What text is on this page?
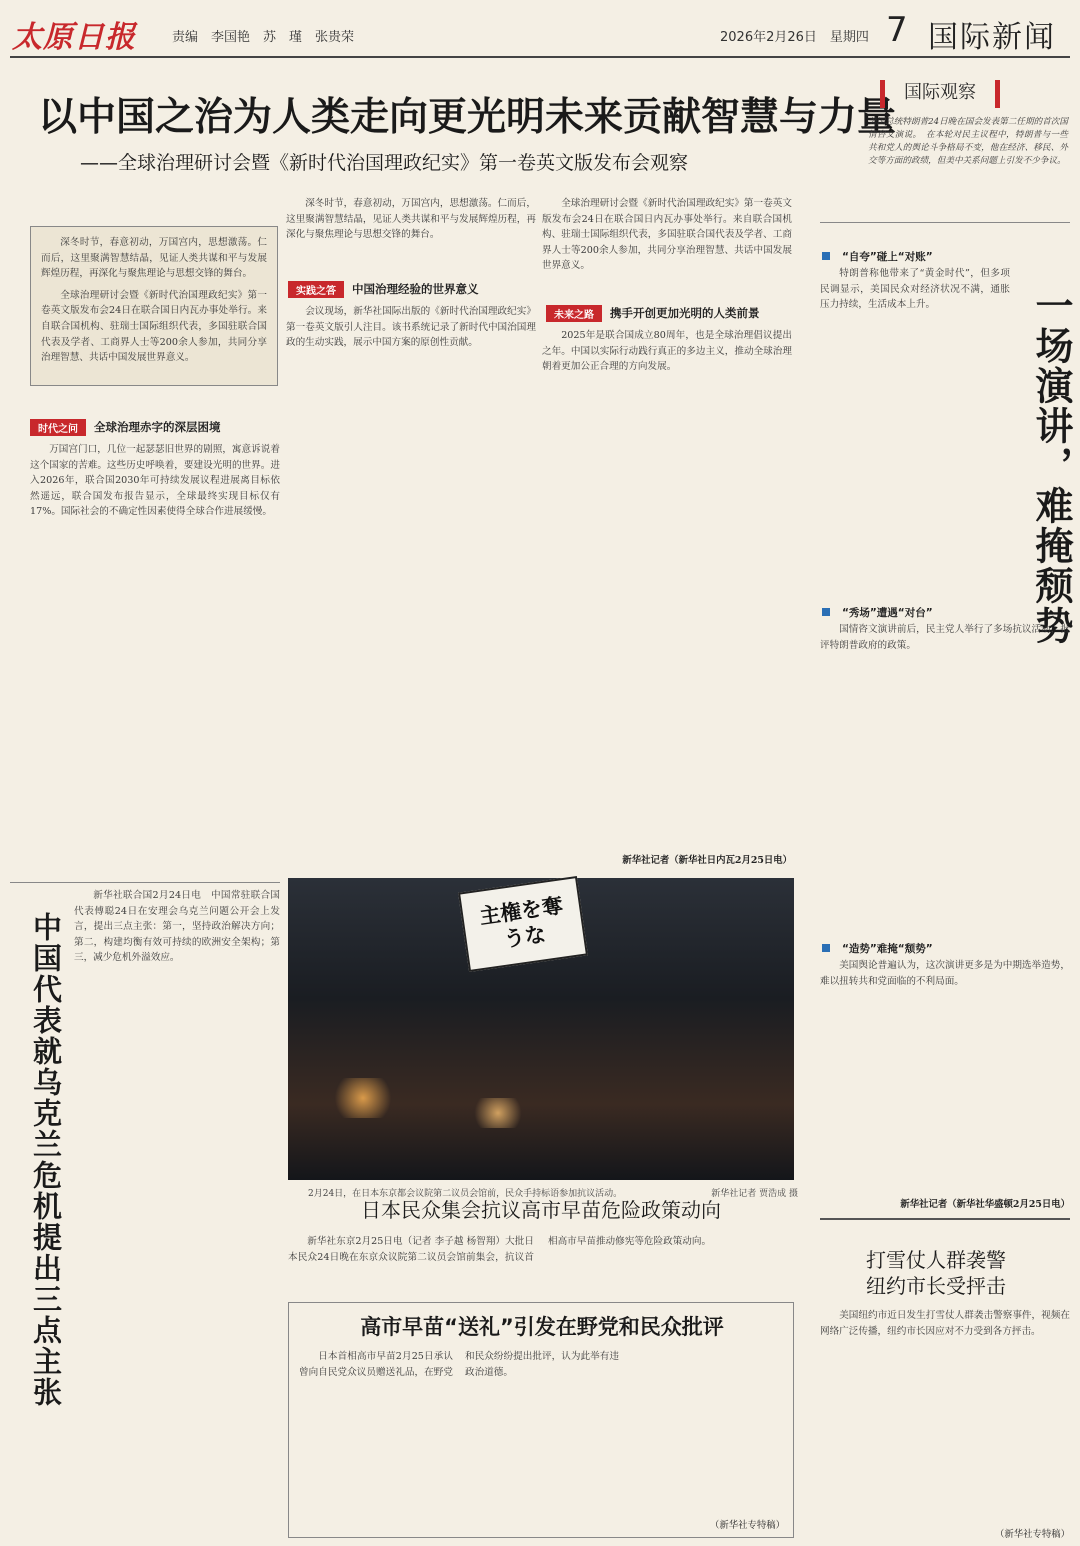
太原日报	责编　李国艳　苏　瑾　张贵荣	2026年2月26日　星期四 7 国际新闻
以中国之治为人类走向更光明未来贡献智慧与力量
——全球治理研讨会暨《新时代治国理政纪实》第一卷英文版发布会观察
国际观察
美国总统特朗普24日晚在国会发表第二任期的首次国情咨文演说。　在本轮对民主议程中，特朗普与一些共和党人的舆论斗争格局不变，他在经济、移民、外交等方面的政绩，但美中关系问题上引发不少争议。

深冬时节，春意初动，万国宫内，思想激荡。仁而后，这里聚满智慧结晶，见证人类共谋和平与发展辉煌历程，再深化与聚焦理论与思想交锋的舞台。

全球治理研讨会暨《新时代治国理政纪实》第一卷英文版发布会24日在联合国日内瓦办事处举行。来自联合国机构、驻瑞士国际组织代表，多国驻联合国代表及学者、工商界人士等200余人参加，共同分享治理智慧、共话中国发展世界意义。

时代之问	全球治理赤字的深层困境

万国宫门口，几位一起瑟瑟旧世界的剧照，寓意诉说着这个国家的苦难。这些历史呼唤着，要建设光明的世界。进入2026年，联合国2030年可持续发展议程进展离目标依然遥远，联合国发布报告显示，全球最终实现目标仅有17%。国际社会的不确定性因素使得全球合作进展缓慢。

深冬时节，春意初动，万国宫内，思想激荡。仁而后，这里聚满智慧结晶，见证人类共谋和平与发展辉煌历程，再深化与聚焦理论与思想交锋的舞台。

实践之答	中国治理经验的世界意义

会议现场，新华社国际出版的《新时代治国理政纪实》第一卷英文版引人注目。该书系统记录了新时代中国治国理政的生动实践，展示中国方案的原创性贡献。

全球治理研讨会暨《新时代治国理政纪实》第一卷英文版发布会24日在联合国日内瓦办事处举行。来自联合国机构、驻瑞士国际组织代表，多国驻联合国代表及学者、工商界人士等200余人参加，共同分享治理智慧、共话中国发展世界意义。

未来之路	携手开创更加光明的人类前景

2025年是联合国成立80周年，也是全球治理倡议提出之年。中国以实际行动践行真正的多边主义，推动全球治理朝着更加公正合理的方向发展。

新华社记者（新华社日内瓦2月25日电）
“自夸”碰上“对账”

特朗普称他带来了“黄金时代”，但多项民调显示，美国民众对经济状况不满，通胀压力持续，生活成本上升。	一场演讲，难掩颓势
“秀场”遭遇“对台”

国情咨文演讲前后，民主党人举行了多场抗议活动，批评特朗普政府的政策。

“造势”难掩“颓势”

美国舆论普遍认为，这次演讲更多是为中期选举造势，难以扭转共和党面临的不利局面。

新华社记者（新华社华盛顿2月25日电）
打雪仗人群袭警
纽约市长受抨击

美国纽约市近日发生打雪仗人群袭击警察事件，视频在网络广泛传播，纽约市长因应对不力受到各方抨击。

（新华社专特稿）
中国代表就乌克兰危机提出三点主张

新华社联合国2月24日电　中国常驻联合国代表傅聪24日在安理会乌克兰问题公开会上发言，提出三点主张：第一，坚持政治解决方向；第二，构建均衡有效可持续的欧洲安全架构；第三，减少危机外溢效应。

主権を奪うな
2月24日，在日本东京都会议院第二议员会馆前，民众手持标语参加抗议活动。	新华社记者 贾浩成 摄
日本民众集会抗议高市早苗危险政策动向

新华社东京2月25日电（记者 李子越 杨智翔）大批日本民众24日晚在东京众议院第二议员会馆前集会，抗议首相高市早苗推动修宪等危险政策动向。

高市早苗“送礼”引发在野党和民众批评

日本首相高市早苗2月25日承认曾向自民党众议员赠送礼品，在野党和民众纷纷提出批评，认为此举有违政治道德。

（新华社专特稿）
